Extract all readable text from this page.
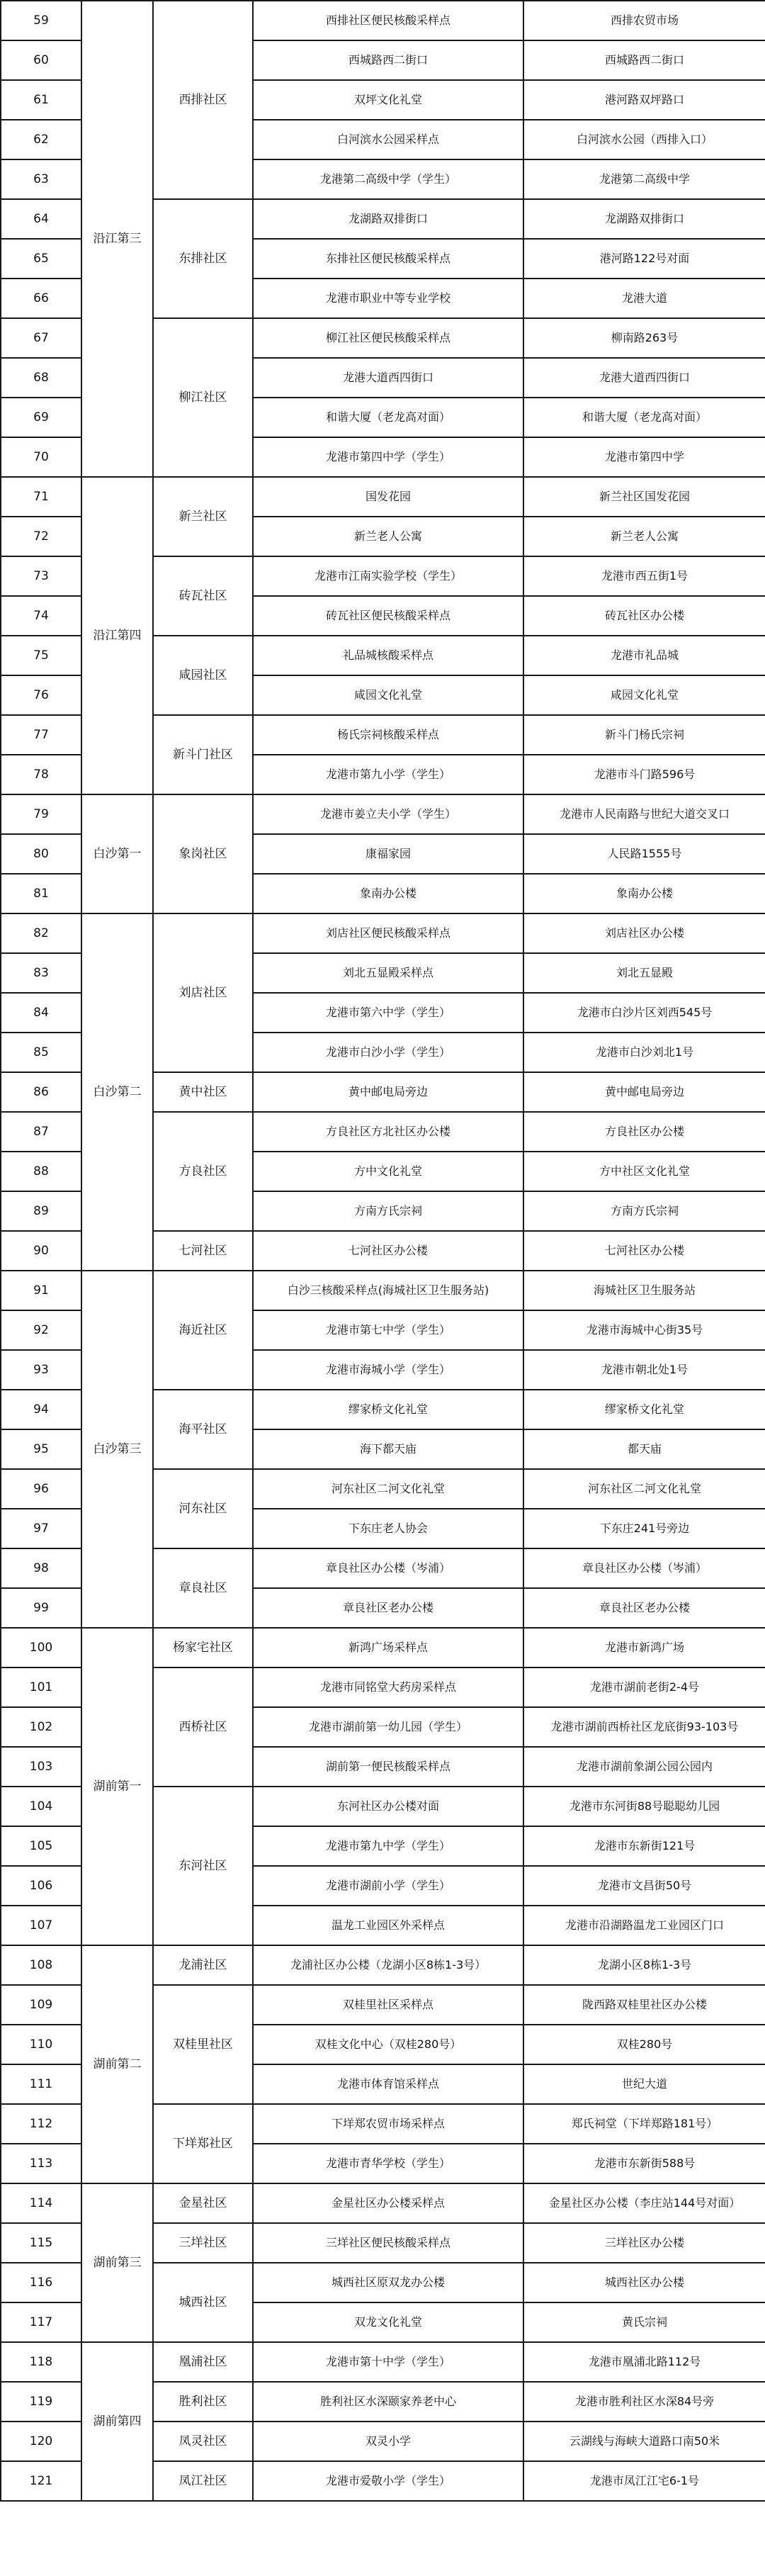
59	沿江第三	西排社区	西排社区便民核酸采样点	西排农贸市场
60			西城路西二街口	西城路西二街口
61			双坪文化礼堂	港河路双坪路口
62			白河滨水公园采样点	白河滨水公园（西排入口）
63			龙港第二高级中学（学生）	龙港第二高级中学
64		东排社区	龙湖路双排街口	龙湖路双排街口
65			东排社区便民核酸采样点	港河路122号对面
66			龙港市职业中等专业学校	龙港大道
67		柳江社区	柳江社区便民核酸采样点	柳南路263号
68			龙港大道西四街口	龙港大道西四街口
69			和谐大厦（老龙高对面）	和谐大厦（老龙高对面）
70			龙港市第四中学（学生）	龙港市第四中学
71	沿江第四	新兰社区	国发花园	新兰社区国发花园
72			新兰老人公寓	新兰老人公寓
73		砖瓦社区	龙港市江南实验学校（学生）	龙港市西五街1号
74			砖瓦社区便民核酸采样点	砖瓦社区办公楼
75		咸园社区	礼品城核酸采样点	龙港市礼品城
76			咸园文化礼堂	咸园文化礼堂
77		新斗门社区	杨氏宗祠核酸采样点	新斗门杨氏宗祠
78			龙港市第九小学（学生）	龙港市斗门路596号
79	白沙第一	象岗社区	龙港市姜立夫小学（学生）	龙港市人民南路与世纪大道交叉口
80			康福家园	人民路1555号
81			象南办公楼	象南办公楼
82	白沙第二	刘店社区	刘店社区便民核酸采样点	刘店社区办公楼
83			刘北五显殿采样点	刘北五显殿
84			龙港市第六中学（学生）	龙港市白沙片区刘西545号
85			龙港市白沙小学（学生）	龙港市白沙刘北1号
86		黄中社区	黄中邮电局旁边	黄中邮电局旁边
87		方良社区	方良社区方北社区办公楼	方良社区办公楼
88			方中文化礼堂	方中社区文化礼堂
89			方南方氏宗祠	方南方氏宗祠
90		七河社区	七河社区办公楼	七河社区办公楼
91	白沙第三	海近社区	白沙三核酸采样点(海城社区卫生服务站)	海城社区卫生服务站
92			龙港市第七中学（学生）	龙港市海城中心街35号
93			龙港市海城小学（学生）	龙港市朝北处1号
94		海平社区	缪家桥文化礼堂	缪家桥文化礼堂
95			海下都天庙	都天庙
96		河东社区	河东社区二河文化礼堂	河东社区二河文化礼堂
97			下东庄老人协会	下东庄241号旁边
98		章良社区	章良社区办公楼（岑浦）	章良社区办公楼（岑浦）
99			章良社区老办公楼	章良社区老办公楼
100	湖前第一	杨家宅社区	新鸿广场采样点	龙港市新鸿广场
101		西桥社区	龙港市同铭堂大药房采样点	龙港市湖前老街2-4号
102			龙港市湖前第一幼儿园（学生）	龙港市湖前西桥社区龙底街93-103号
103			湖前第一便民核酸采样点	龙港市湖前象湖公园公园内
104		东河社区	东河社区办公楼对面	龙港市东河街88号聪聪幼儿园
105			龙港市第九中学（学生）	龙港市东新街121号
106			龙港市湖前小学（学生）	龙港市文昌街50号
107			温龙工业园区外采样点	龙港市沿湖路温龙工业园区门口
108	湖前第二	龙浦社区	龙浦社区办公楼（龙湖小区8栋1-3号）	龙湖小区8栋1-3号
109		双桂里社区	双桂里社区采样点	陇西路双桂里社区办公楼
110			双桂文化中心（双桂280号）	双桂280号
111			龙港市体育馆采样点	世纪大道
112		下垟郑社区	下垟郑农贸市场采样点	郑氏祠堂（下垟郑路181号）
113			龙港市青华学校（学生）	龙港市东新街588号
114	湖前第三	金星社区	金星社区办公楼采样点	金星社区办公楼（李庄站144号对面）
115		三垟社区	三垟社区便民核酸采样点	三垟社区办公楼
116		城西社区	城西社区原双龙办公楼	城西社区办公楼
117			双龙文化礼堂	黄氏宗祠
118	湖前第四	凰浦社区	龙港市第十中学（学生）	龙港市凰浦北路112号
119		胜利社区	胜利社区水深颐家养老中心	龙港市胜利社区水深84号旁
120		凤灵社区	双灵小学	云湖线与海峡大道路口南50米
121		凤江社区	龙港市爱敬小学（学生）	龙港市凤江江宅6-1号
